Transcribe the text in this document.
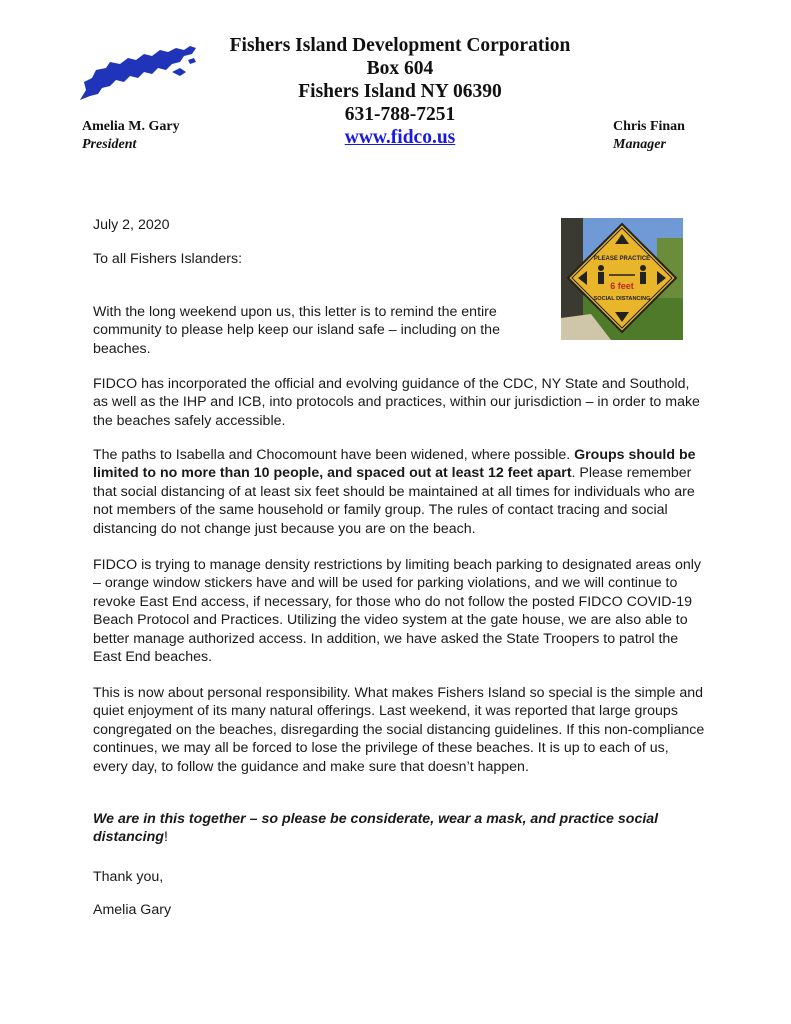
Fishers Island Development Corporation
Box 604
Fishers Island NY 06390
631-788-7251
www.fidco.us
Amelia M. Gary
President
Chris Finan
Manager
PLEASE PRACTICE
6 feet
SOCIAL DISTANCING

July 2, 2020

To all Fishers Islanders:

With the long weekend upon us, this letter is to remind the entire community to please help keep our island safe – including on the beaches.

FIDCO has incorporated the official and evolving guidance of the CDC, NY State and Southold, as well as the IHP and ICB, into protocols and practices, within our jurisdiction – in order to make the beaches safely accessible.

The paths to Isabella and Chocomount have been widened, where possible. Groups should be limited to no more than 10 people, and spaced out at least 12 feet apart. Please remember that social distancing of at least six feet should be maintained at all times for individuals who are not members of the same household or family group. The rules of contact tracing and social distancing do not change just because you are on the beach.

FIDCO is trying to manage density restrictions by limiting beach parking to designated areas only – orange window stickers have and will be used for parking violations, and we will continue to revoke East End access, if necessary, for those who do not follow the posted FIDCO COVID-19 Beach Protocol and Practices. Utilizing the video system at the gate house, we are also able to better manage authorized access. In addition, we have asked the State Troopers to patrol the East End beaches.

This is now about personal responsibility. What makes Fishers Island so special is the simple and quiet enjoyment of its many natural offerings. Last weekend, it was reported that large groups congregated on the beaches, disregarding the social distancing guidelines. If this non-compliance continues, we may all be forced to lose the privilege of these beaches. It is up to each of us, every day, to follow the guidance and make sure that doesn’t happen.

We are in this together – so please be considerate, wear a mask, and practice social distancing!

Thank you,

Amelia Gary
